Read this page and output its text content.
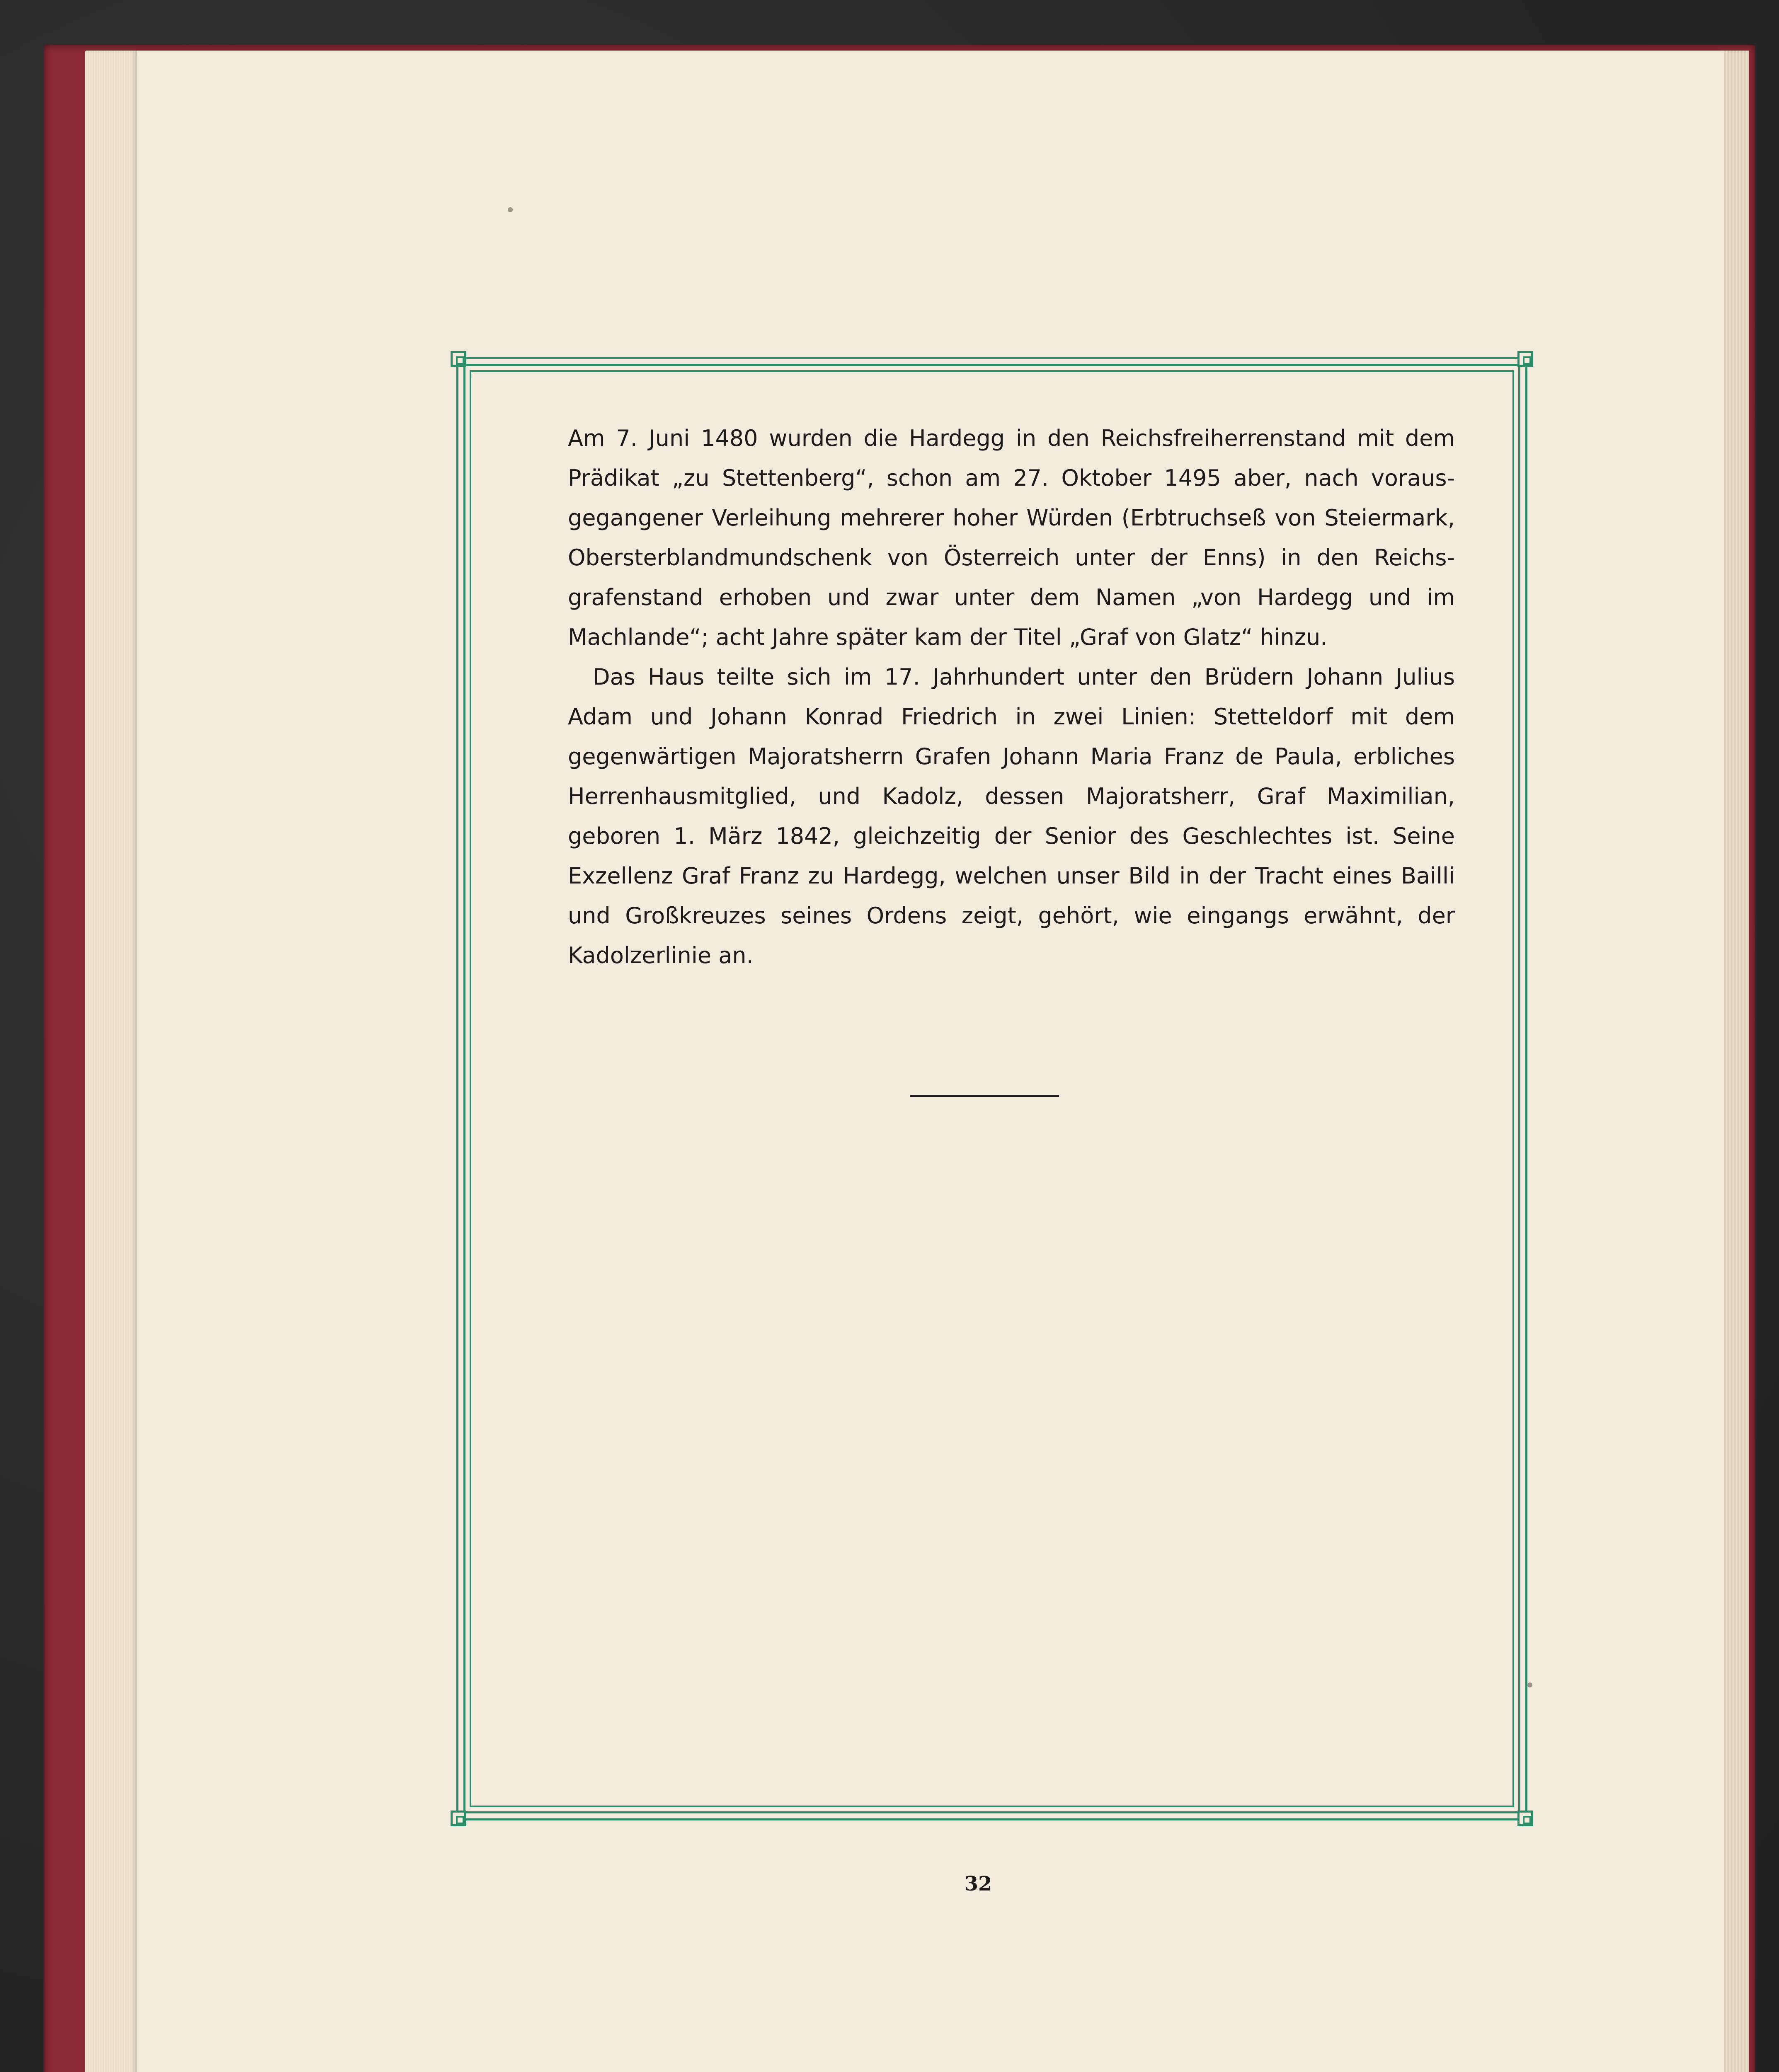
Am 7. Juni 1480 wurden die Hardegg in den Reichsfreiherrenstand mit dem Prädikat „zu Stettenberg“, schon am 27. Oktober 1495 aber, nach voraus-gegangener Verleihung mehrerer hoher Würden (Erbtruchseß von Steiermark, Obersterblandmundschenk von Österreich unter der Enns) in den Reichs-grafenstand erhoben und zwar unter dem Namen „von Hardegg und im Machlande“; acht Jahre später kam der Titel „Graf von Glatz“ hinzu.

Das Haus teilte sich im 17. Jahrhundert unter den Brüdern Johann Julius Adam und Johann Konrad Friedrich in zwei Linien: Stetteldorf mit dem gegenwärtigen Majoratsherrn Grafen Johann Maria Franz de Paula, erbliches Herrenhausmitglied, und Kadolz, dessen Majoratsherr, Graf Maximilian, geboren 1. März 1842, gleichzeitig der Senior des Geschlechtes ist. Seine Exzellenz Graf Franz zu Hardegg, welchen unser Bild in der Tracht eines Bailli und Großkreuzes seines Ordens zeigt, gehört, wie eingangs erwähnt, der Kadolzerlinie an.

32
